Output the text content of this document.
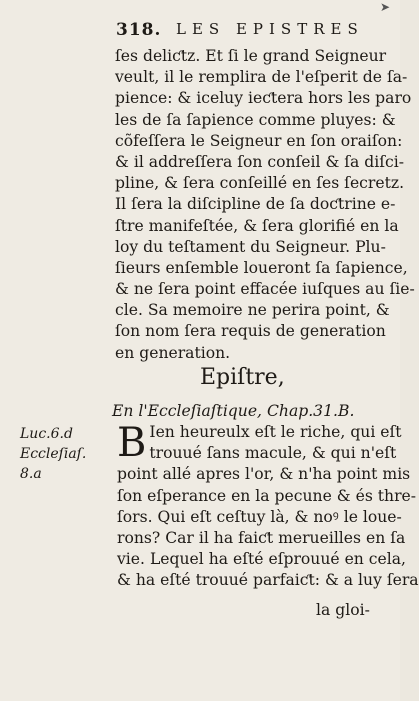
➤
318. LES EPISTRES
ſes deliƈtz. Et ſi le grand Seigneur
veult, il le remplira de l'eſperit de ſa-
pience: & iceluy ieƈtera hors les paro
les de ſa ſapience comme pluyes: &
cõfeſſera le Seigneur en ſon oraiſon:
& il addreſſera ſon conſeil & ſa diſci-
pline, & ſera conſeillé en ſes ſecretz.
Il ſera la diſcipline de ſa doƈtrine e-
ſtre manifeſtée, & ſera glorifié en la
loy du teſtament du Seigneur. Plu-
ſieurs enſemble loueront ſa ſapience,
& ne ſera point effacée iuſques au ſie-
cle. Sa memoire ne perira point, &
ſon nom ſera requis de generation
en generation.
Epiſtre,
En l'Eccleſiaſtique, Chap.31.B.
Luc.6.d
Eccleſiaſ.
8.a
B Ien heureulx eſt le riche, qui eſt
trouué ſans macule, & qui n'eſt
point allé apres l'or, & n'ha point mis
ſon eſperance en la pecune & és thre-
ſors. Qui eſt ceſtuy là, & noꝰ le loue-
rons? Car il ha faiƈt merueilles en ſa
vie. Lequel ha eſté eſprouué en cela,
& ha eſté trouué parfaiƈt: & a luy ſera
la gloi-
